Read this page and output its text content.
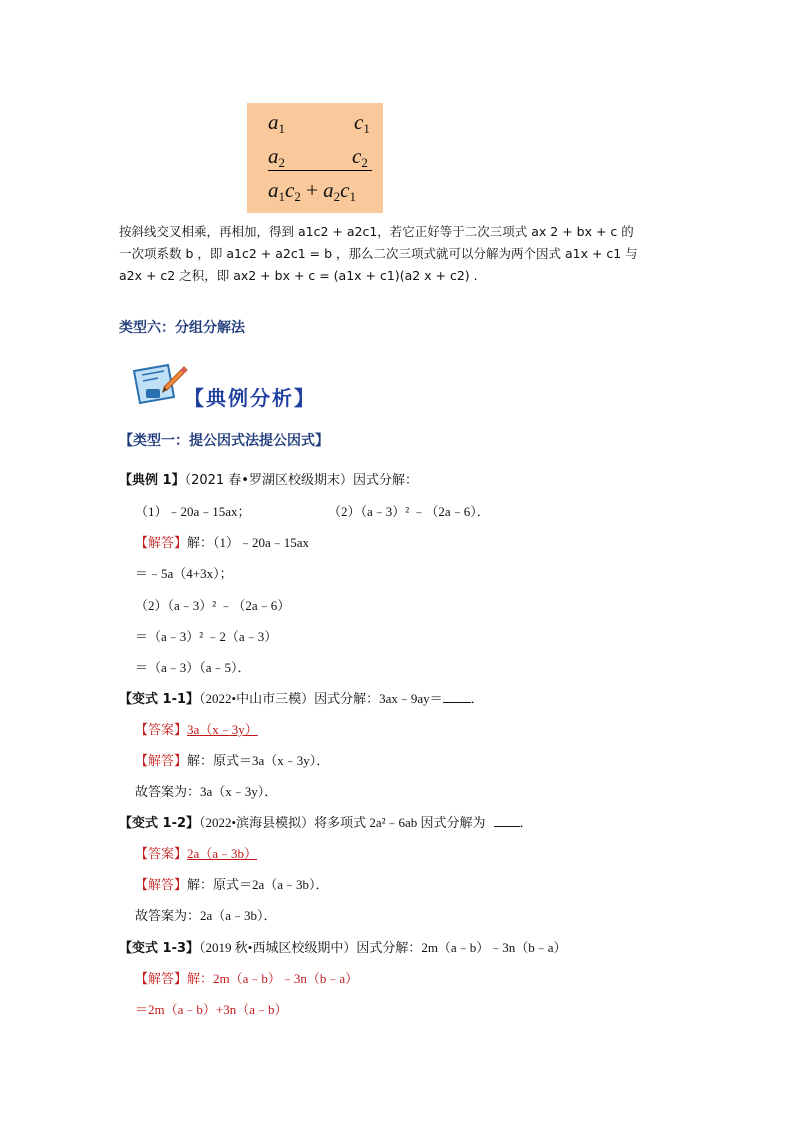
$a_1$	$c_1$
$a_2$	$c_2$
$a_1c_2 + a_2c_1$
按斜线交叉相乘，再相加，得到 a1c2 + a2c1，若它正好等于二次三项式 ax 2 + bx + c 的
一次项系数 b ，即 a1c2 + a2c1 = b ，那么二次三项式就可以分解为两个因式 a1x + c1 与
a2x + c2 之积，即 ax2 + bx + c = (a1x + c1)(a2 x + c2) .
类型六：分组分解法
【典例分析】
【类型一：提公因式法提公因式】
【典例 1】（2021 春•罗湖区校级期末）因式分解：
（1）﹣20a﹣15ax；	（2）（a﹣3）² ﹣（2a﹣6）．
【解答】解：（1）﹣20a﹣15ax
＝﹣5a（4+3x）；
（2）（a﹣3）² ﹣（2a﹣6）
＝（a﹣3）² ﹣2（a﹣3）
＝（a﹣3）（a﹣5）．
【变式 1-1】（2022•中山市三模）因式分解：3ax﹣9ay＝ ．
【答案】3a（x﹣3y）
【解答】解：原式＝3a（x﹣3y）．
故答案为：3a（x﹣3y）．
【变式 1-2】（2022•滨海县模拟）将多项式 2a²﹣6ab 因式分解为	．
【答案】2a（a﹣3b）
【解答】解：原式＝2a（a﹣3b）．
故答案为：2a（a﹣3b）．
【变式 1-3】（2019 秋•西城区校级期中）因式分解：2m（a﹣b）﹣3n（b﹣a）
【解答】解：2m（a﹣b）﹣3n（b﹣a）
＝2m（a﹣b）+3n（a﹣b）
